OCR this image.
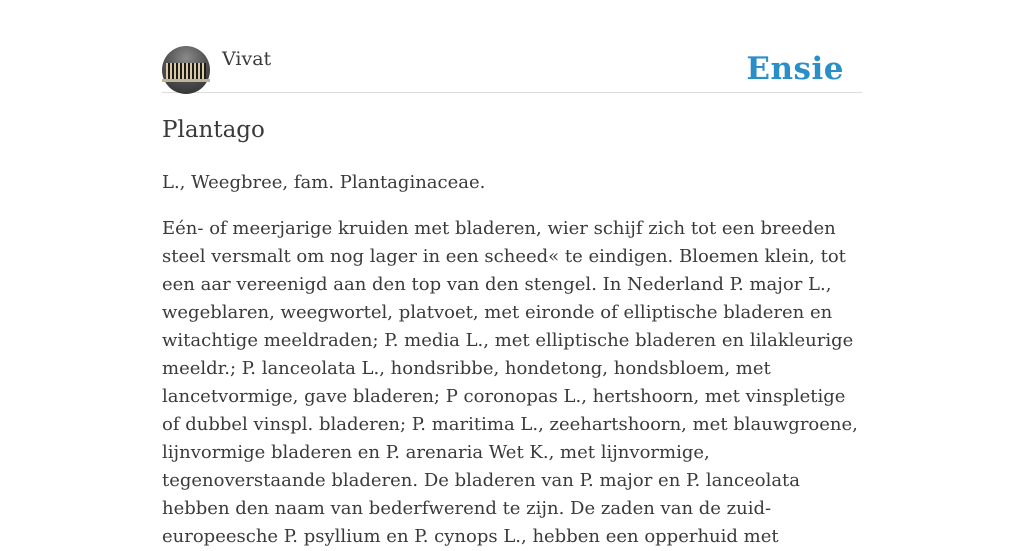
Vivat	Ensie
Plantago

L., Weegbree, fam. Plantaginaceae.

Eén- of meerjarige kruiden met bladeren, wier schijf zich tot een breeden steel versmalt om nog lager in een scheed« te eindigen. Bloemen klein, tot een aar vereenigd aan den top van den stengel. In Nederland P. major L., wegeblaren, weegwortel, platvoet, met eironde of elliptische bladeren en witachtige meeldraden; P. media L., met elliptische bladeren en lilakleurige meeldr.; P. lanceolata L., hondsribbe, hondetong, hondsbloem, met lancetvormige, gave bladeren; P coronopas L., hertshoorn, met vinspletige of dubbel vinspl. bladeren; P. maritima L., zeehartshoorn, met blauwgroene, lijnvormige bladeren en P. arenaria Wet K., met lijnvormige, tegenoverstaande bladeren. De bladeren van P. major en P. lanceolata hebben den naam van bederfwerend te zijn. De zaden van de zuid-europeesche P. psyllium en P. cynops L., hebben een opperhuid met
